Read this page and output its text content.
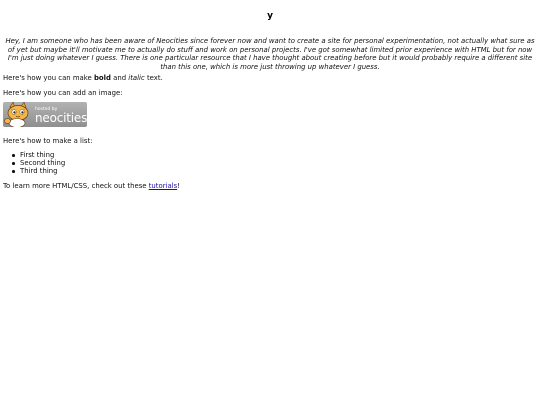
y
Hey, I am someone who has been aware of Neocities since forever now and want to create a site for personal experimentation, not actually what sure as of yet but maybe it'll motivate me to actually do stuff and work on personal projects. I've got somewhat limited prior experience with HTML but for now I'm just doing whatever I guess. There is one particular resource that I have thought about creating before but it would probably require a different site than this one, which is more just throwing up whatever I guess.
Here's how you can make bold and italic text.
Here's how you can add an image:
hosted by
neocities
Here's how to make a list:
First thing
Second thing
Third thing
To learn more HTML/CSS, check out these tutorials!
